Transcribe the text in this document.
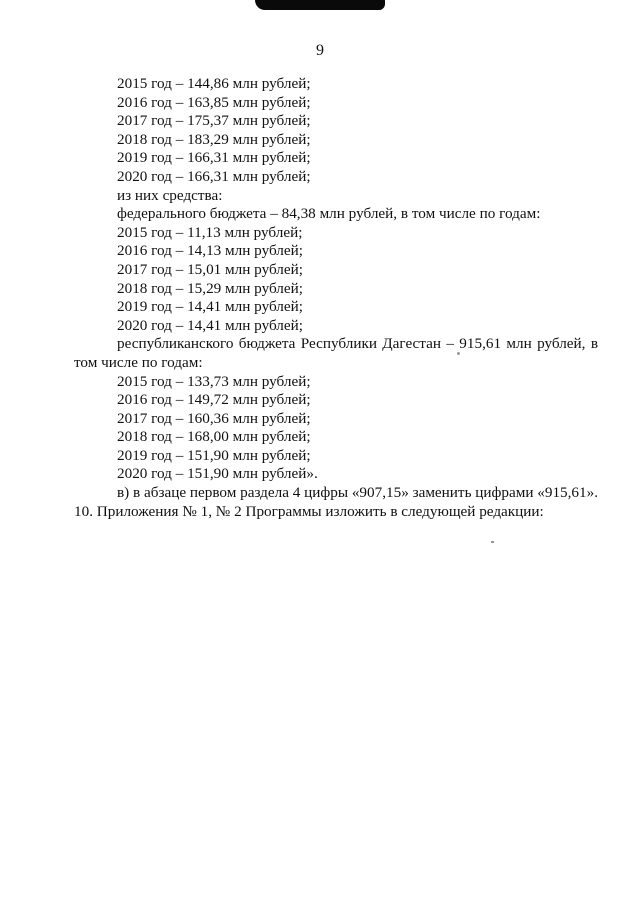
9
2015 год – 144,86 млн рублей;
2016 год – 163,85 млн рублей;
2017 год – 175,37 млн рублей;
2018 год – 183,29 млн рублей;
2019 год – 166,31 млн рублей;
2020 год – 166,31 млн рублей;
из них средства:
федерального бюджета – 84,38 млн рублей, в том числе по годам:
2015 год – 11,13 млн рублей;
2016 год – 14,13 млн рублей;
2017 год – 15,01 млн рублей;
2018 год – 15,29 млн рублей;
2019 год – 14,41 млн рублей;
2020 год – 14,41 млн рублей;
республиканского бюджета Республики Дагестан – 915,61 млн рублей, в
том числе по годам:
2015 год – 133,73 млн рублей;
2016 год – 149,72 млн рублей;
2017 год – 160,36 млн рублей;
2018 год – 168,00 млн рублей;
2019 год – 151,90 млн рублей;
2020 год – 151,90 млн рублей».
в) в абзаце первом раздела 4 цифры «907,15» заменить цифрами «915,61».
10. Приложения № 1, № 2 Программы изложить в следующей редакции:
